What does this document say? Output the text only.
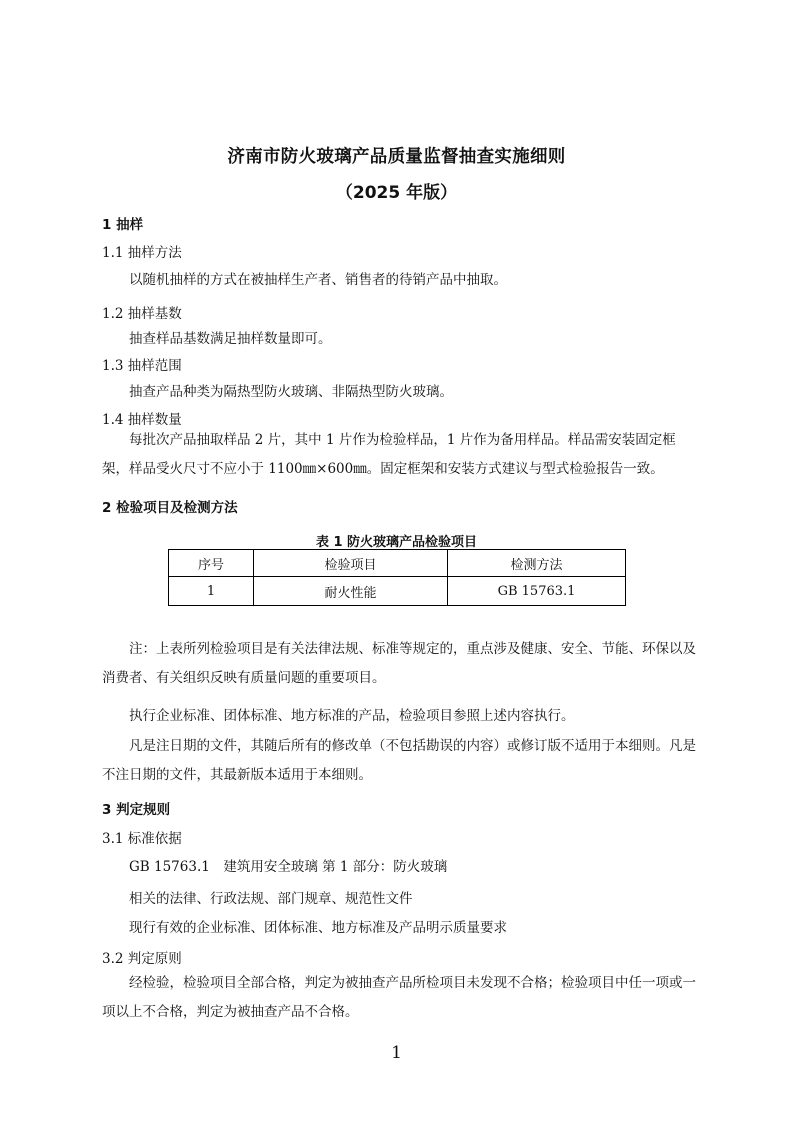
济南市防火玻璃产品质量监督抽查实施细则
（2025 年版）
1 抽样
1.1 抽样方法
以随机抽样的方式在被抽样生产者、销售者的待销产品中抽取。
1.2 抽样基数
抽查样品基数满足抽样数量即可。
1.3 抽样范围
抽查产品种类为隔热型防火玻璃、非隔热型防火玻璃。
1.4 抽样数量
每批次产品抽取样品 2 片，其中 1 片作为检验样品，1 片作为备用样品。样品需安装固定框架，样品受火尺寸不应小于 1100㎜×600㎜。固定框架和安装方式建议与型式检验报告一致。
2 检验项目及检测方法
表 1 防火玻璃产品检验项目
序号	检验项目	检测方法
1	耐火性能	GB 15763.1
注：上表所列检验项目是有关法律法规、标准等规定的，重点涉及健康、安全、节能、环保以及消费者、有关组织反映有质量问题的重要项目。
执行企业标准、团体标准、地方标准的产品，检验项目参照上述内容执行。
凡是注日期的文件，其随后所有的修改单（不包括勘误的内容）或修订版不适用于本细则。凡是不注日期的文件，其最新版本适用于本细则。
3 判定规则
3.1 标准依据
GB 15763.1　建筑用安全玻璃 第 1 部分：防火玻璃
相关的法律、行政法规、部门规章、规范性文件
现行有效的企业标准、团体标准、地方标准及产品明示质量要求
3.2 判定原则
经检验，检验项目全部合格，判定为被抽查产品所检项目未发现不合格；检验项目中任一项或一项以上不合格，判定为被抽查产品不合格。
1
